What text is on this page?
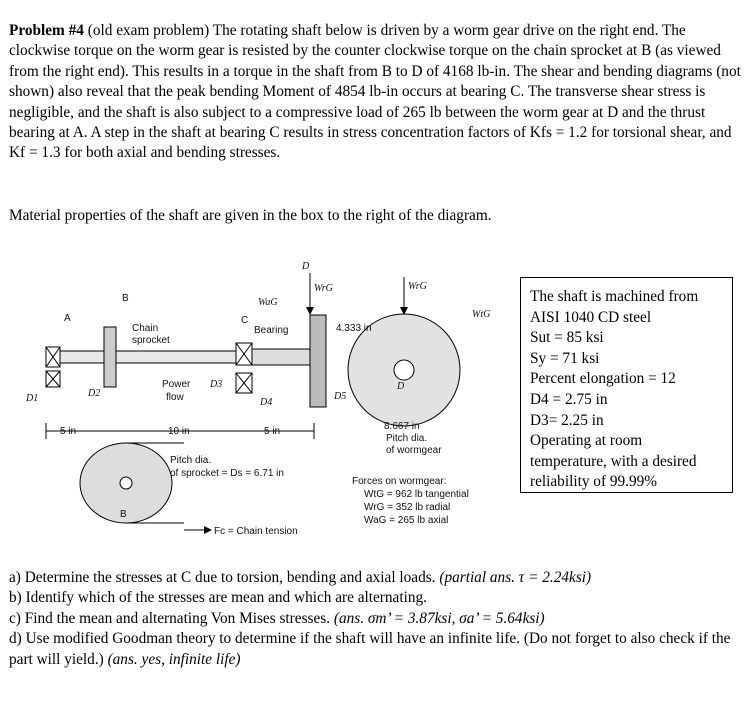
Problem #4 (old exam problem) The rotating shaft below is driven by a worm gear drive on the right end. The clockwise torque on the worm gear is resisted by the counter clockwise torque on the chain sprocket at B (as viewed from the right end). This results in a torque in the shaft from B to D of 4168 lb-in. The shear and bending diagrams (not shown) also reveal that the peak bending Moment of 4854 lb-in occurs at bearing C. The transverse shear stress is negligible, and the shaft is also subject to a compressive load of 265 lb between the worm gear at D and the thrust bearing at A. A step in the shaft at bearing C results in stress concentration factors of Kfs = 1.2 for torsional shear, and Kf = 1.3 for both axial and bending stresses.
Material properties of the shaft are given in the box to the right of the diagram.
A
B
C
D
Chain
sprocket
Bearing
WrG
WaG
WrG
WtG
4.333 in
Power
flow
D1	D2
D3
D4
D5
D
5 in	10 in	5 in	8.667 in
Pitch dia.
of wormgear
Pitch dia.
of sprocket = Ds = 6.71 in
Forces on wormgear:
WtG = 962 lb tangential
WrG = 352 lb radial
WaG = 265 lb axial
Fc = Chain tension
B
The shaft is machined from
AISI 1040 CD steel
Sut = 85 ksi
Sy = 71 ksi
Percent elongation = 12
D4 = 2.75 in
D3= 2.25 in
Operating at room
temperature, with a desired
reliability of 99.99%
a) Determine the stresses at C due to torsion, bending and axial loads. (partial ans. τ = 2.24ksi)
b) Identify which of the stresses are mean and which are alternating.
c) Find the mean and alternating Von Mises stresses. (ans. σm’ = 3.87ksi, σa’ = 5.64ksi)
d) Use modified Goodman theory to determine if the shaft will have an infinite life. (Do not forget to also check if the part will yield.) (ans. yes, infinite life)
